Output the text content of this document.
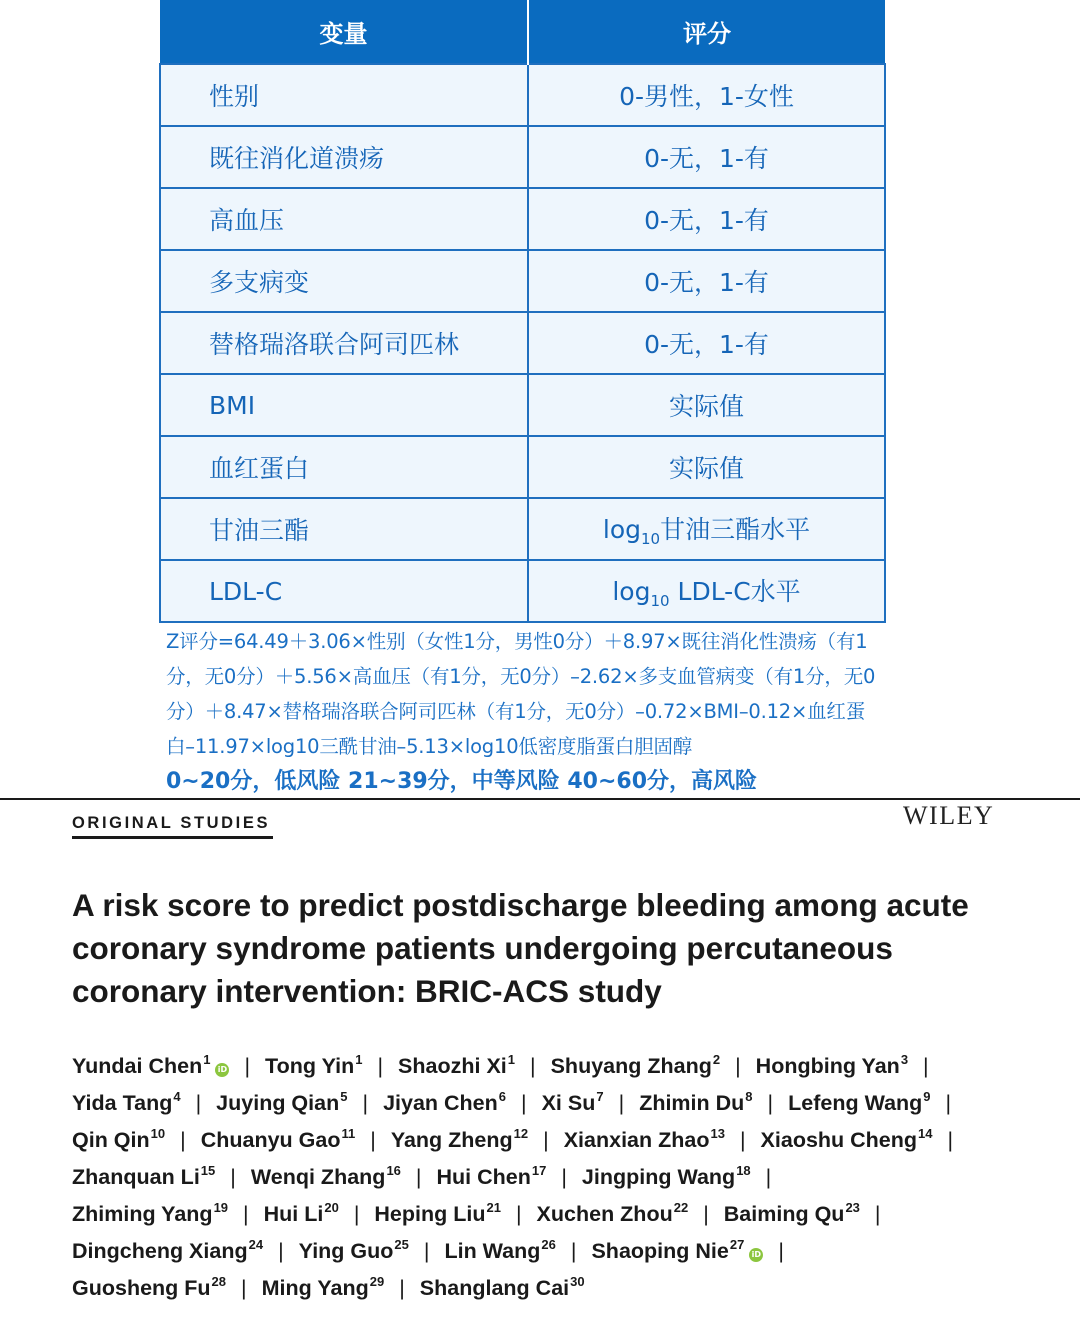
变量	评分
性别	0-男性，1-女性
既往消化道溃疡	0-无，1-有
高血压	0-无，1-有
多支病变	0-无，1-有
替格瑞洛联合阿司匹林	0-无，1-有
BMI	实际值
血红蛋白	实际值
甘油三酯	$\log_{10}$甘油三酯水平
LDL-C	$\log_{10} LDL-C$水平
Z评分=64.49＋3.06×性别（女性1分，男性0分）＋8.97×既往消化性溃疡（有1分，无0分）＋5.56×高血压（有1分，无0分）–2.62×多支血管病变（有1分，无0分）＋8.47×替格瑞洛联合阿司匹林（有1分，无0分）–0.72×BMI–0.12×血红蛋白–11.97×log10三酰甘油–5.13×log10低密度脂蛋白胆固醇
0~20分，低风险 21~39分，中等风险 40~60分，高风险
ORIGINAL STUDIES	WILEY
A risk score to predict postdischarge bleeding among acute coronary syndrome patients undergoing percutaneous coronary intervention: BRIC-ACS study
Yundai Chen$^1$iD | Tong Yin$^1$ | Shaozhi Xi$^1$ | Shuyang Zhang$^2$ | Hongbing Yan$^3$ |
Yida Tang$^4$ | Juying Qian$^5$ | Jiyan Chen$^6$ | Xi Su$^7$ | Zhimin Du$^8$ | Lefeng Wang$^9$ |
Qin Qin$^{10}$ | Chuanyu Gao$^{11}$ | Yang Zheng$^{12}$ | Xianxian Zhao$^{13}$ | Xiaoshu Cheng$^{14}$ |
Zhanquan Li$^{15}$ | Wenqi Zhang$^{16}$ | Hui Chen$^{17}$ | Jingping Wang$^{18}$ |
Zhiming Yang$^{19}$ | Hui Li$^{20}$ | Heping Liu$^{21}$ | Xuchen Zhou$^{22}$ | Baiming Qu$^{23}$ |
Dingcheng Xiang$^{24}$ | Ying Guo$^{25}$ | Lin Wang$^{26}$ | Shaoping Nie$^{27}$iD |
Guosheng Fu$^{28}$ | Ming Yang$^{29}$ | Shanglang Cai$^{30}$
